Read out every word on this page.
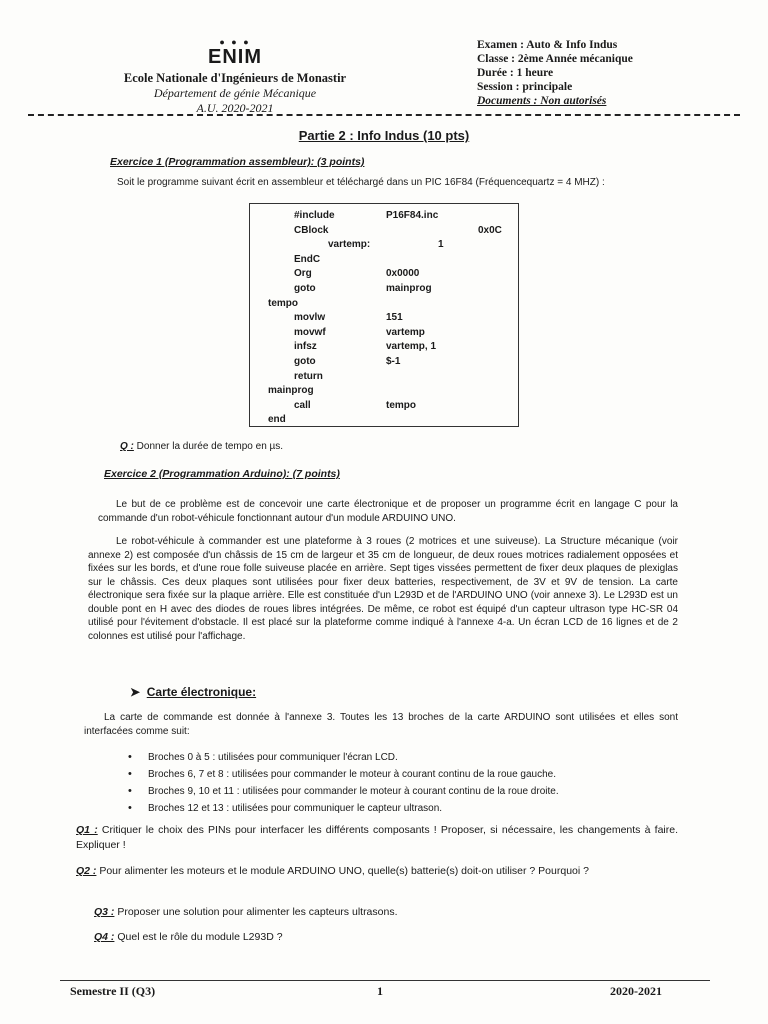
● ● ●
ENIM
Ecole Nationale d'Ingénieurs de Monastir
Département de génie Mécanique
A.U. 2020-2021
Examen : Auto & Info Indus
Classe : 2ème Année mécanique
Durée : 1 heure
Session : principale
Documents : Non autorisés
Partie 2 : Info Indus (10 pts)
Exercice 1 (Programmation assembleur): (3 points)
Soit le programme suivant écrit en assembleur et téléchargé dans un PIC 16F84 (Fréquencequartz = 4 MHZ) :
#include	P16F84.inc
CBlock	0x0C
vartemp:	1
EndC
Org	0x0000
goto	mainprog
tempo
movlw	151
movwf	vartemp
infsz	vartemp, 1
goto	$-1
return
mainprog
call	tempo
end
Q : Donner la durée de tempo en µs.
Exercice 2 (Programmation Arduino): (7 points)
Le but de ce problème est de concevoir une carte électronique et de proposer un programme écrit en langage C pour la commande d'un robot-véhicule fonctionnant autour d'un module ARDUINO UNO.
Le robot-véhicule à commander est une plateforme à 3 roues (2 motrices et une suiveuse). La Structure mécanique (voir annexe 2) est composée d'un châssis de 15 cm de largeur et 35 cm de longueur, de deux roues motrices radialement opposées et fixées sur les bords, et d'une roue folle suiveuse placée en arrière. Sept tiges vissées permettent de fixer deux plaques de plexiglas sur le châssis. Ces deux plaques sont utilisées pour fixer deux batteries, respectivement, de 3V et 9V de tension. La carte électronique sera fixée sur la plaque arrière. Elle est constituée d'un L293D et de l'ARDUINO UNO (voir annexe 3). Le L293D est un double pont en H avec des diodes de roues libres intégrées. De même, ce robot est équipé d'un capteur ultrason type HC-SR 04 utilisé pour l'évitement d'obstacle. Il est placé sur la plateforme comme indiqué à l'annexe 4-a. Un écran LCD de 16 lignes et de 2 colonnes est utilisé pour l'affichage.
➤  Carte électronique:
La carte de commande est donnée à l'annexe 3. Toutes les 13 broches de la carte ARDUINO sont utilisées et elles sont interfacées comme suit:
• Broches 0 à 5 : utilisées pour communiquer l'écran LCD.
• Broches 6, 7 et 8 : utilisées pour commander le moteur à courant continu de la roue gauche.
• Broches 9, 10 et 11 : utilisées pour commander le moteur à courant continu de la roue droite.
• Broches 12 et 13 : utilisées pour communiquer le capteur ultrason.
Q1 : Critiquer le choix des PINs pour interfacer les différents composants ! Proposer, si nécessaire, les changements à faire. Expliquer !
Q2 : Pour alimenter les moteurs et le module ARDUINO UNO, quelle(s) batterie(s) doit-on utiliser ? Pourquoi ?
Q3 : Proposer une solution pour alimenter les capteurs ultrasons.
Q4 : Quel est le rôle du module L293D ?
Semestre II (Q3)	1	2020-2021
